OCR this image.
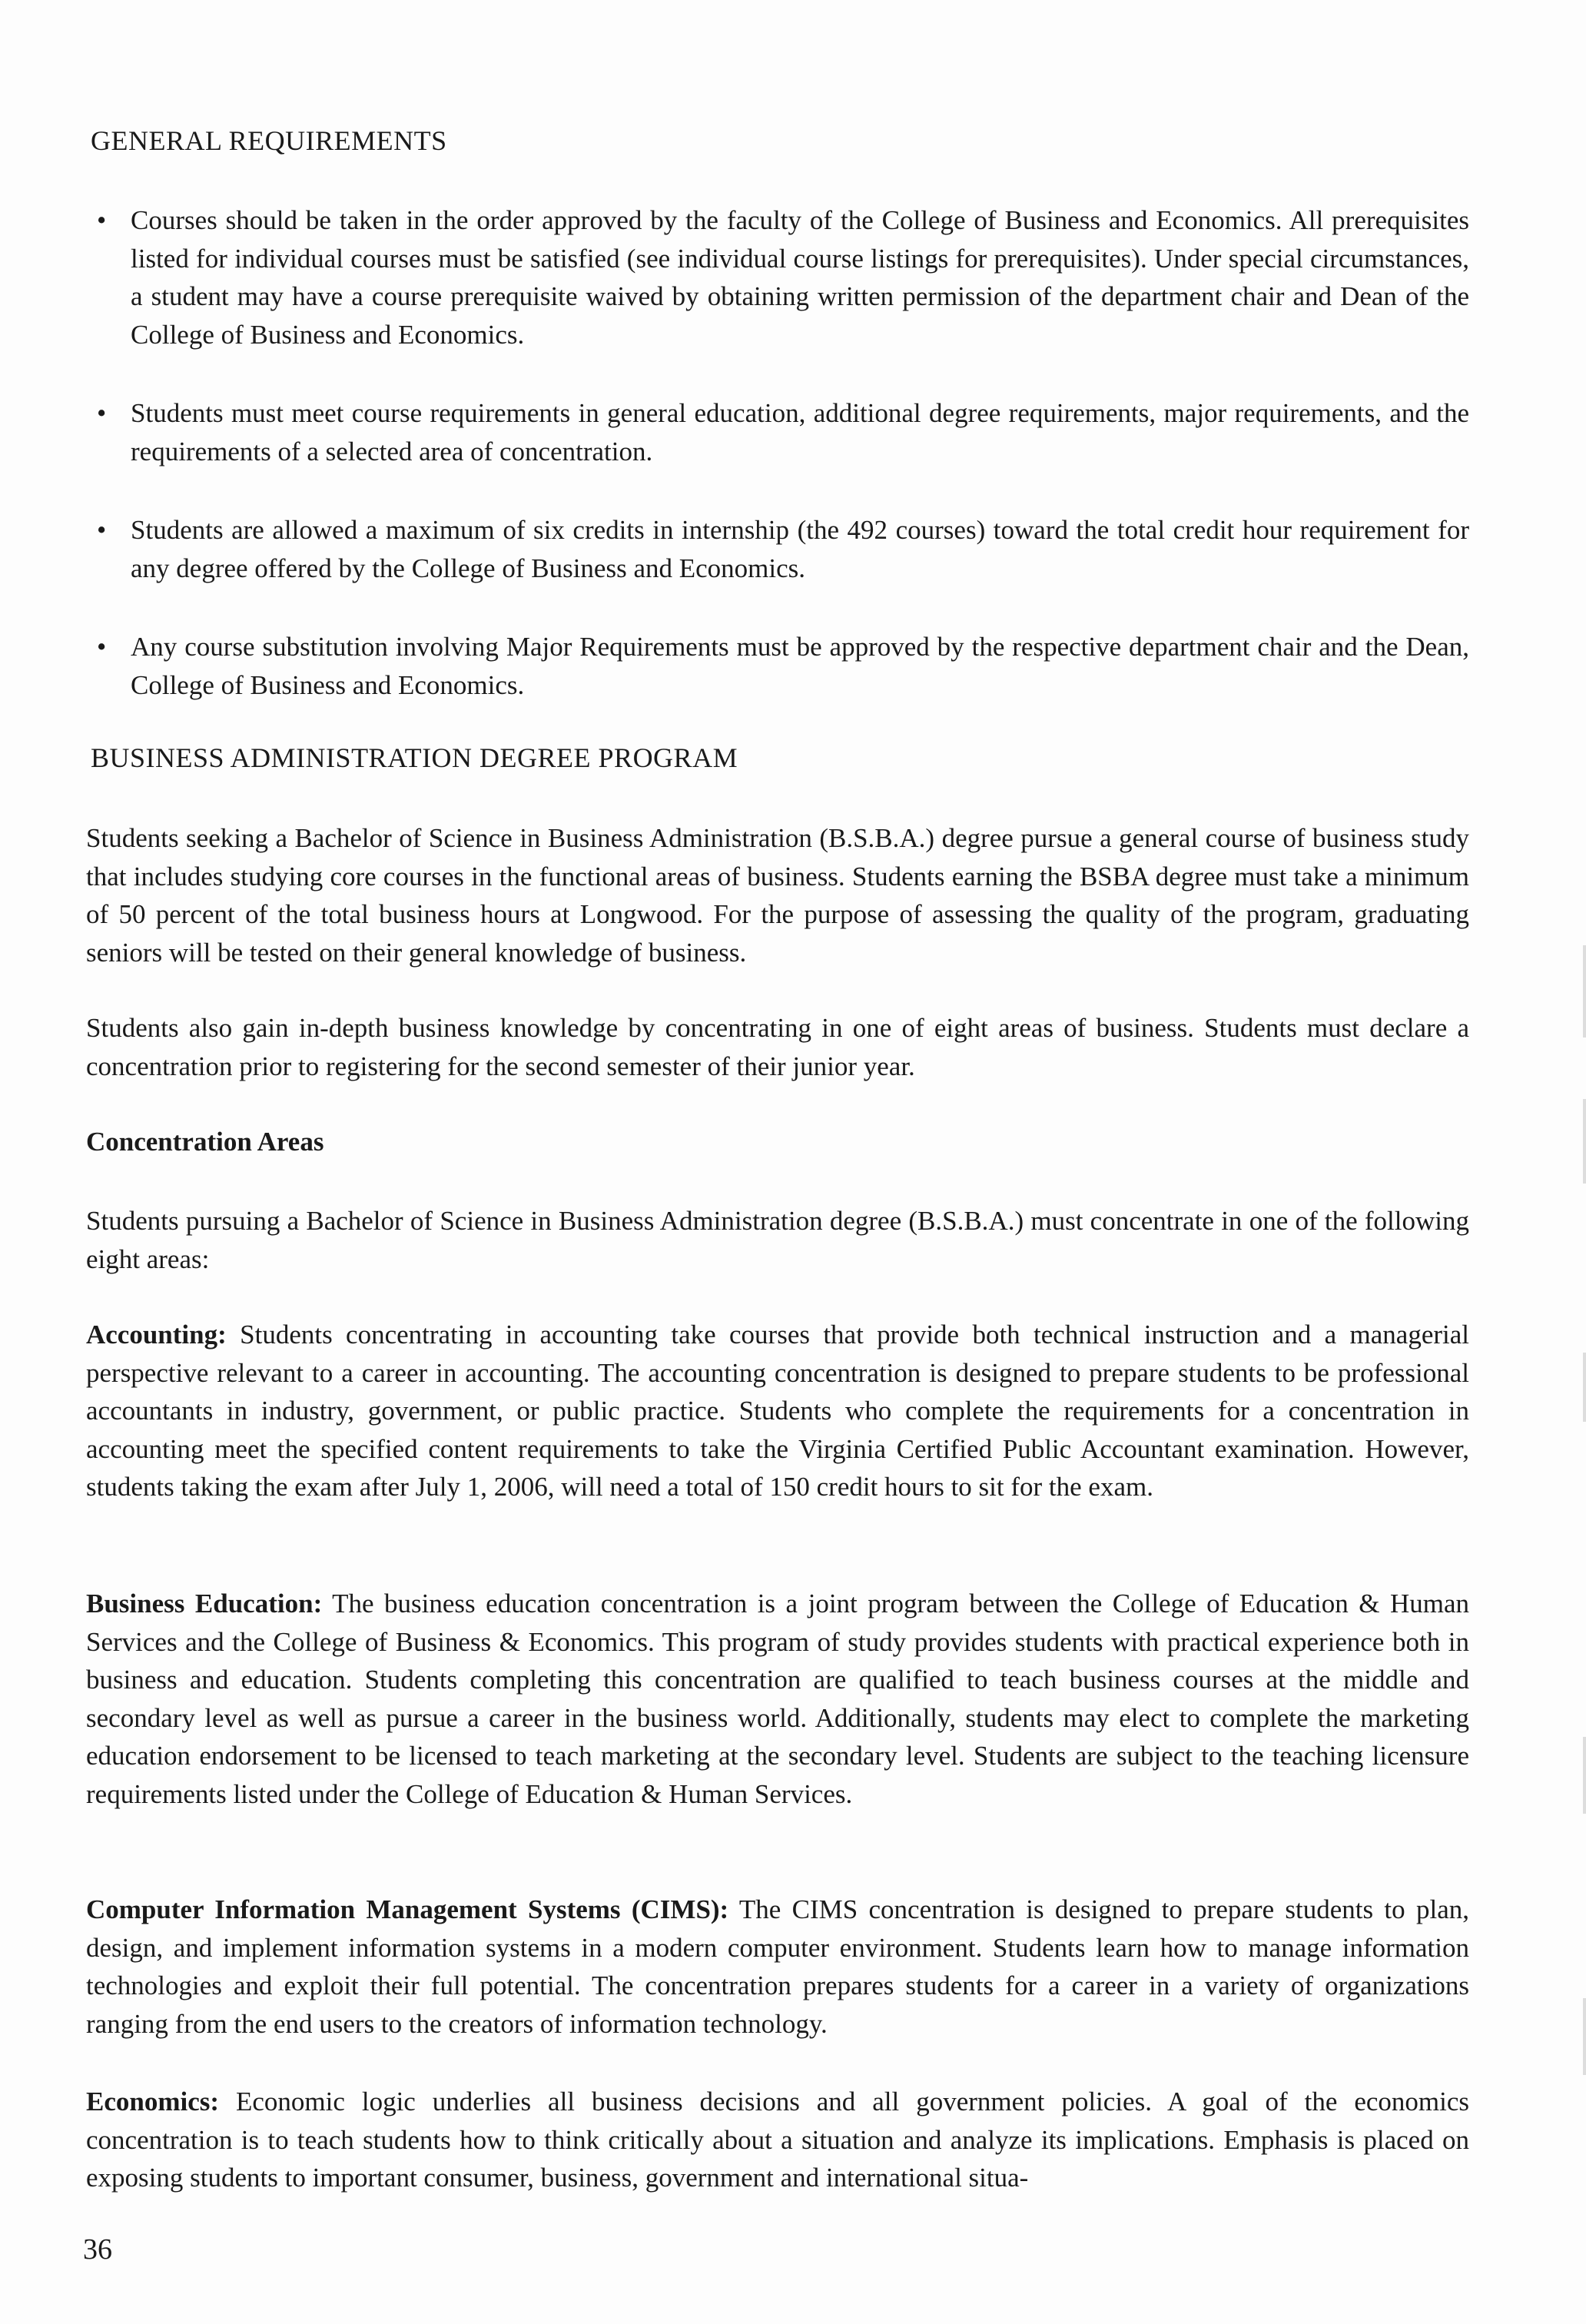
GENERAL REQUIREMENTS
• Courses should be taken in the order approved by the faculty of the College of Business and Economics. All prerequisites listed for individual courses must be satisfied (see individual course listings for prerequisites). Under special circumstances, a student may have a course prerequisite waived by obtaining written permission of the department chair and Dean of the College of Business and Economics.
• Students must meet course requirements in general education, additional degree requirements, major requirements, and the requirements of a selected area of concentration.
• Students are allowed a maximum of six credits in internship (the 492 courses) toward the total credit hour requirement for any degree offered by the College of Business and Economics.
• Any course substitution involving Major Requirements must be approved by the respective department chair and the Dean, College of Business and Economics.
BUSINESS ADMINISTRATION DEGREE PROGRAM
Students seeking a Bachelor of Science in Business Administration (B.S.B.A.) degree pursue a general course of business study that includes studying core courses in the functional areas of business. Students earning the BSBA degree must take a minimum of 50 percent of the total business hours at Longwood. For the purpose of assessing the quality of the program, graduating seniors will be tested on their general knowledge of business.
Students also gain in-depth business knowledge by concentrating in one of eight areas of business. Students must declare a concentration prior to registering for the second semester of their junior year.
Concentration Areas
Students pursuing a Bachelor of Science in Business Administration degree (B.S.B.A.) must concentrate in one of the following eight areas:
Accounting: Students concentrating in accounting take courses that provide both technical instruction and a managerial perspective relevant to a career in accounting. The accounting concentration is designed to prepare students to be professional accountants in industry, government, or public practice. Students who complete the requirements for a concentration in accounting meet the specified content requirements to take the Virginia Certified Public Accountant examination. However, students taking the exam after July 1, 2006, will need a total of 150 credit hours to sit for the exam.
Business Education: The business education concentration is a joint program between the College of Education & Human Services and the College of Business & Economics. This program of study provides students with practical experience both in business and education. Students completing this concentration are qualified to teach business courses at the middle and secondary level as well as pursue a career in the business world. Additionally, students may elect to complete the marketing education endorsement to be licensed to teach marketing at the secondary level. Students are subject to the teaching licensure requirements listed under the College of Education & Human Services.
Computer Information Management Systems (CIMS): The CIMS concentration is designed to prepare students to plan, design, and implement information systems in a modern computer environment. Students learn how to manage information technologies and exploit their full potential. The concentration prepares students for a career in a variety of organizations ranging from the end users to the creators of information technology.
Economics: Economic logic underlies all business decisions and all government policies. A goal of the economics concentration is to teach students how to think critically about a situation and analyze its implications. Emphasis is placed on exposing students to important consumer, business, government and international situa-
36
